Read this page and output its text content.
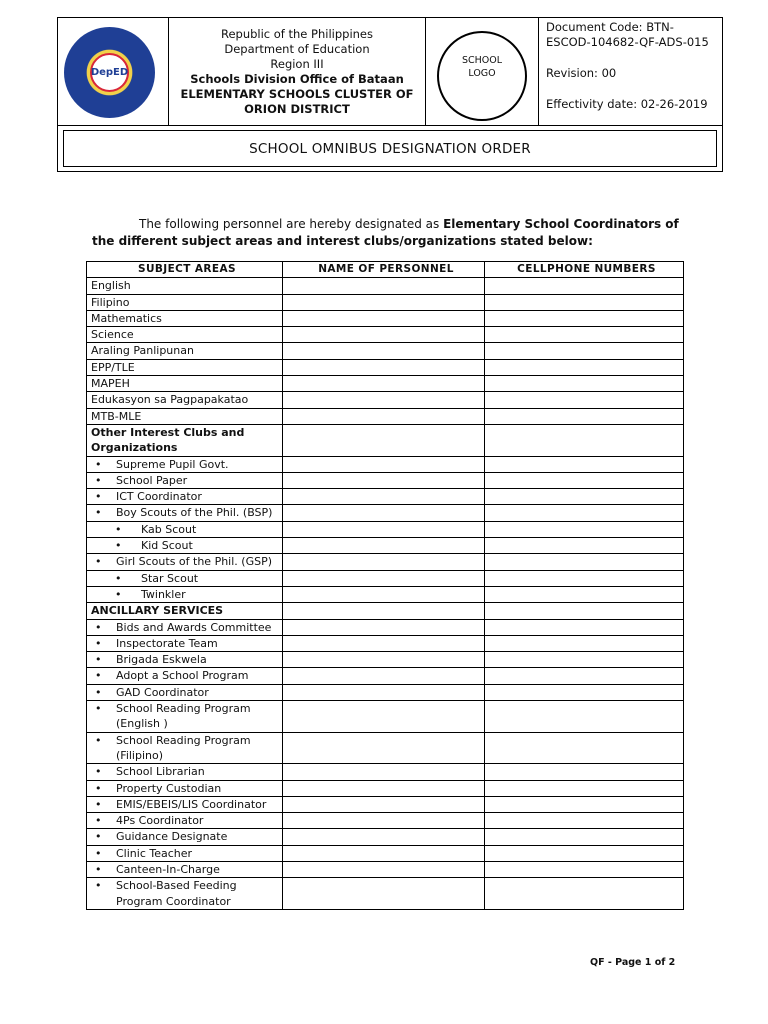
DepED
Republic of the Philippines
Department of Education
Region III
Schools Division Office of Bataan
ELEMENTARY SCHOOLS CLUSTER OF
ORION DISTRICT
SCHOOL
LOGO
Document Code: BTN-
ESCOD-104682-QF-ADS-015
Revision: 00
Effectivity date: 02-26-2019
SCHOOL OMNIBUS DESIGNATION ORDER
The following personnel are hereby designated as Elementary School Coordinators of
the different subject areas and interest clubs/organizations stated below:
SUBJECT AREAS	NAME OF PERSONNEL	CELLPHONE NUMBERS
English		
Filipino		
Mathematics		
Science		
Araling Panlipunan		
EPP/TLE		
MAPEH		
Edukasyon sa Pagpapakatao		
MTB-MLE		
Other Interest Clubs and Organizations		

• Supreme Pupil Govt.		

• School Paper		

• ICT Coordinator		

• Boy Scouts of the Phil. (BSP)		

• Kab Scout		

• Kid Scout		

• Girl Scouts of the Phil. (GSP)		

• Star Scout		

• Twinkler		

ANCILLARY SERVICES		

• Bids and Awards Committee		

• Inspectorate Team		

• Brigada Eskwela		

• Adopt a School Program		

• GAD Coordinator		

• School Reading Program (English )		

• School Reading Program (Filipino)		

• School Librarian		

• Property Custodian		

• EMIS/EBEIS/LIS Coordinator		

• 4Ps Coordinator		

• Guidance Designate		

• Clinic Teacher		

• Canteen-In-Charge		

• School-Based Feeding Program Coordinator		

QF - Page 1 of 2
